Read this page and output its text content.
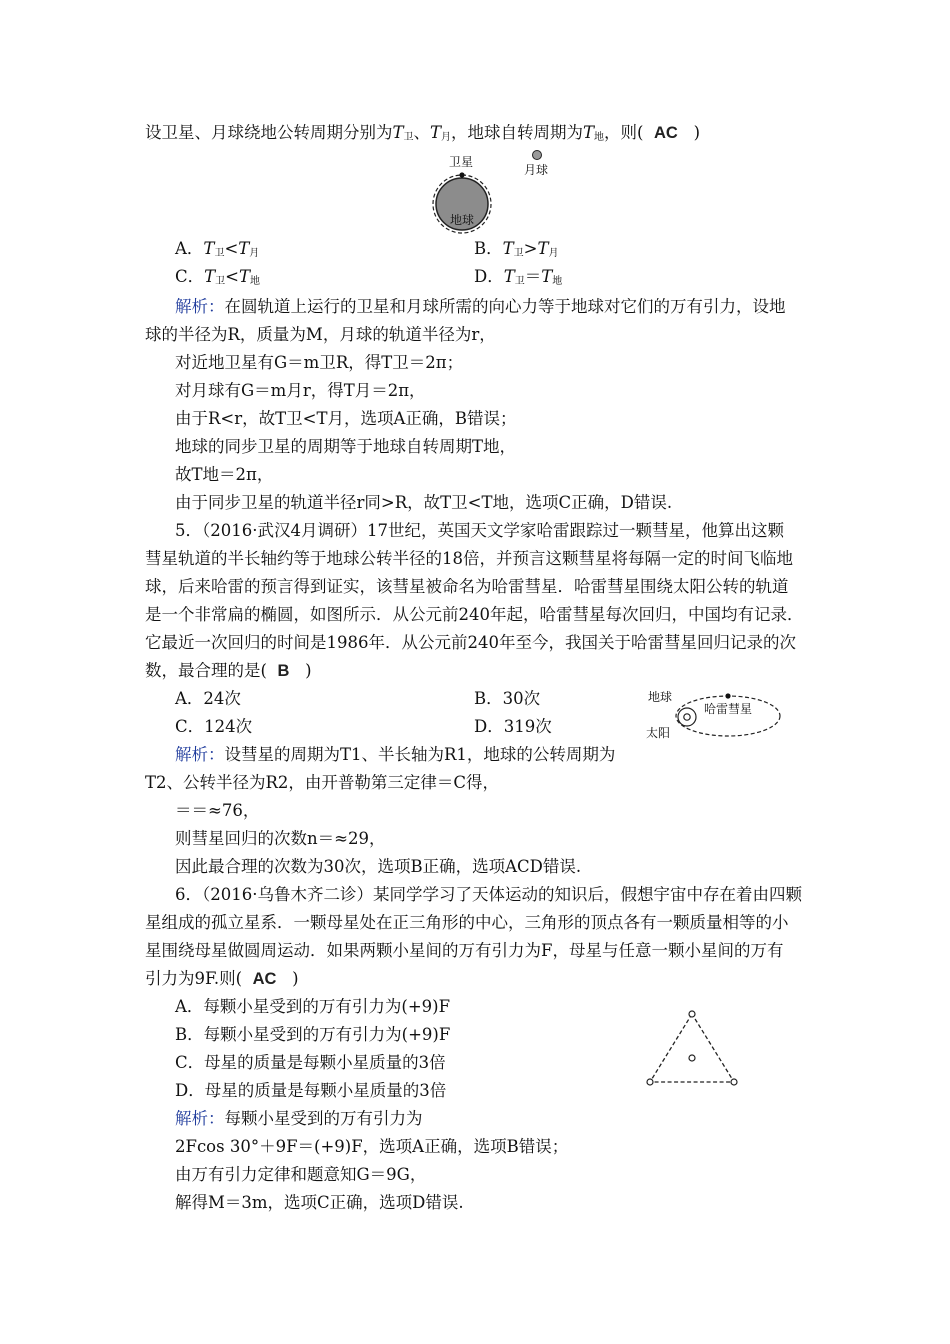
设卫星、月球绕地公转周期分别为$T_卫$、$T_月$，地球自转周期为$T_地$，则( AC )
卫星
月球
地球
A．$T_卫<T_月$	B．$T_卫>T_月$
C．$T_卫<T_地$	D．$T_卫=T_地$
解析：在圆轨道上运行的卫星和月球所需的向心力等于地球对它们的万有引力，设地
球的半径为R，质量为M，月球的轨道半径为r，
对近地卫星有G＝m卫R，得T卫＝2π；
对月球有G＝m月r，得T月＝2π，
由于R<r，故T卫<T月，选项A正确，B错误；
地球的同步卫星的周期等于地球自转周期T地，
故T地＝2π，
由于同步卫星的轨道半径r同>R，故T卫<T地，选项C正确，D错误.
5．（2016·武汉4月调研）17世纪，英国天文学家哈雷跟踪过一颗彗星，他算出这颗
彗星轨道的半长轴约等于地球公转半径的18倍，并预言这颗彗星将每隔一定的时间飞临地
球，后来哈雷的预言得到证实，该彗星被命名为哈雷彗星．哈雷彗星围绕太阳公转的轨道
是一个非常扁的椭圆，如图所示．从公元前240年起，哈雷彗星每次回归，中国均有记录．
它最近一次回归的时间是1986年．从公元前240年至今，我国关于哈雷彗星回归记录的次
数，最合理的是( B )
A．24次	B．30次
C．124次	D．319次
地球
哈雷彗星
太阳
解析：设彗星的周期为T1、半长轴为R1，地球的公转周期为
T2、公转半径为R2，由开普勒第三定律＝C得，
＝＝≈76，
则彗星回归的次数n＝≈29，
因此最合理的次数为30次，选项B正确，选项ACD错误.
6．（2016·乌鲁木齐二诊）某同学学习了天体运动的知识后，假想宇宙中存在着由四颗
星组成的孤立星系．一颗母星处在正三角形的中心，三角形的顶点各有一颗质量相等的小
星围绕母星做圆周运动．如果两颗小星间的万有引力为F，母星与任意一颗小星间的万有
引力为9F.则( AC )
A．每颗小星受到的万有引力为(+9)F
B．每颗小星受到的万有引力为(+9)F
C．母星的质量是每颗小星质量的3倍
D．母星的质量是每颗小星质量的3倍
解析：每颗小星受到的万有引力为
2Fcos 30°＋9F＝(+9)F，选项A正确，选项B错误；
由万有引力定律和题意知G＝9G，
解得M＝3m，选项C正确，选项D错误.
